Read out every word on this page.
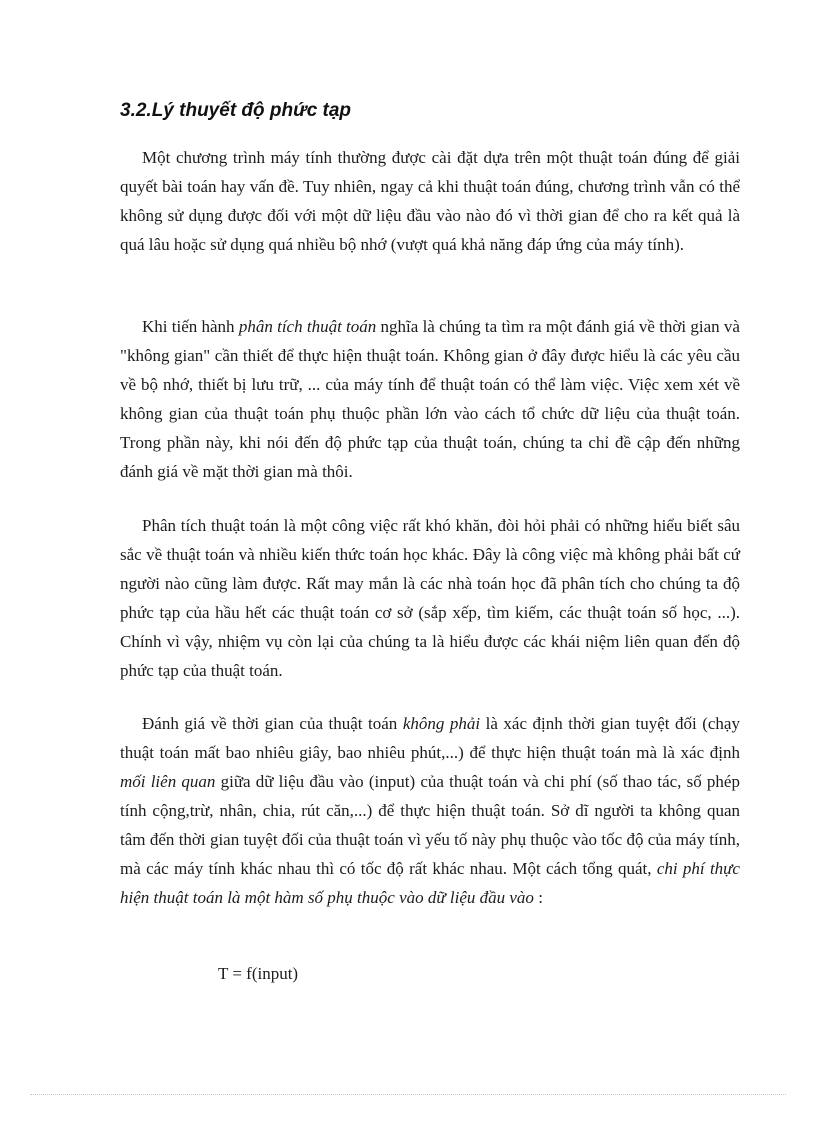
3.2.Lý thuyết độ phức tạp

Một chương trình máy tính thường được cài đặt dựa trên một thuật toán đúng để giải quyết bài toán hay vấn đề. Tuy nhiên, ngay cả khi thuật toán đúng, chương trình vẫn có thể không sử dụng được đối với một dữ liệu đầu vào nào đó vì thời gian để cho ra kết quả là quá lâu hoặc sử dụng quá nhiều bộ nhớ (vượt quá khả năng đáp ứng của máy tính).

Khi tiến hành phân tích thuật toán nghĩa là chúng ta tìm ra một đánh giá về thời gian và "không gian" cần thiết để thực hiện thuật toán. Không gian ở đây được hiểu là các yêu cầu về bộ nhớ, thiết bị lưu trữ, ... của máy tính để thuật toán có thể làm việc. Việc xem xét về không gian của thuật toán phụ thuộc phần lớn vào cách tổ chức dữ liệu của thuật toán. Trong phần này, khi nói đến độ phức tạp của thuật toán, chúng ta chỉ đề cập đến những đánh giá về mặt thời gian mà thôi.

Phân tích thuật toán là một công việc rất khó khăn, đòi hỏi phải có những hiểu biết sâu sắc về thuật toán và nhiều kiến thức toán học khác. Đây là công việc mà không phải bất cứ người nào cũng làm được. Rất may mắn là các nhà toán học đã phân tích cho chúng ta độ phức tạp của hầu hết các thuật toán cơ sở (sắp xếp, tìm kiếm, các thuật toán số học, ...). Chính vì vậy, nhiệm vụ còn lại của chúng ta là hiểu được các khái niệm liên quan đến độ phức tạp của thuật toán.

Đánh giá về thời gian của thuật toán không phải là xác định thời gian tuyệt đối (chạy thuật toán mất bao nhiêu giây, bao nhiêu phút,...) để thực hiện thuật toán mà là xác định mối liên quan giữa dữ liệu đầu vào (input) của thuật toán và chi phí (số thao tác, số phép tính cộng,trừ, nhân, chia, rút căn,...) để thực hiện thuật toán. Sở dĩ người ta không quan tâm đến thời gian tuyệt đối của thuật toán vì yếu tố này phụ thuộc vào tốc độ của máy tính, mà các máy tính khác nhau thì có tốc độ rất khác nhau. Một cách tổng quát, chi phí thực hiện thuật toán là một hàm số phụ thuộc vào dữ liệu đầu vào :

T = f(input)
